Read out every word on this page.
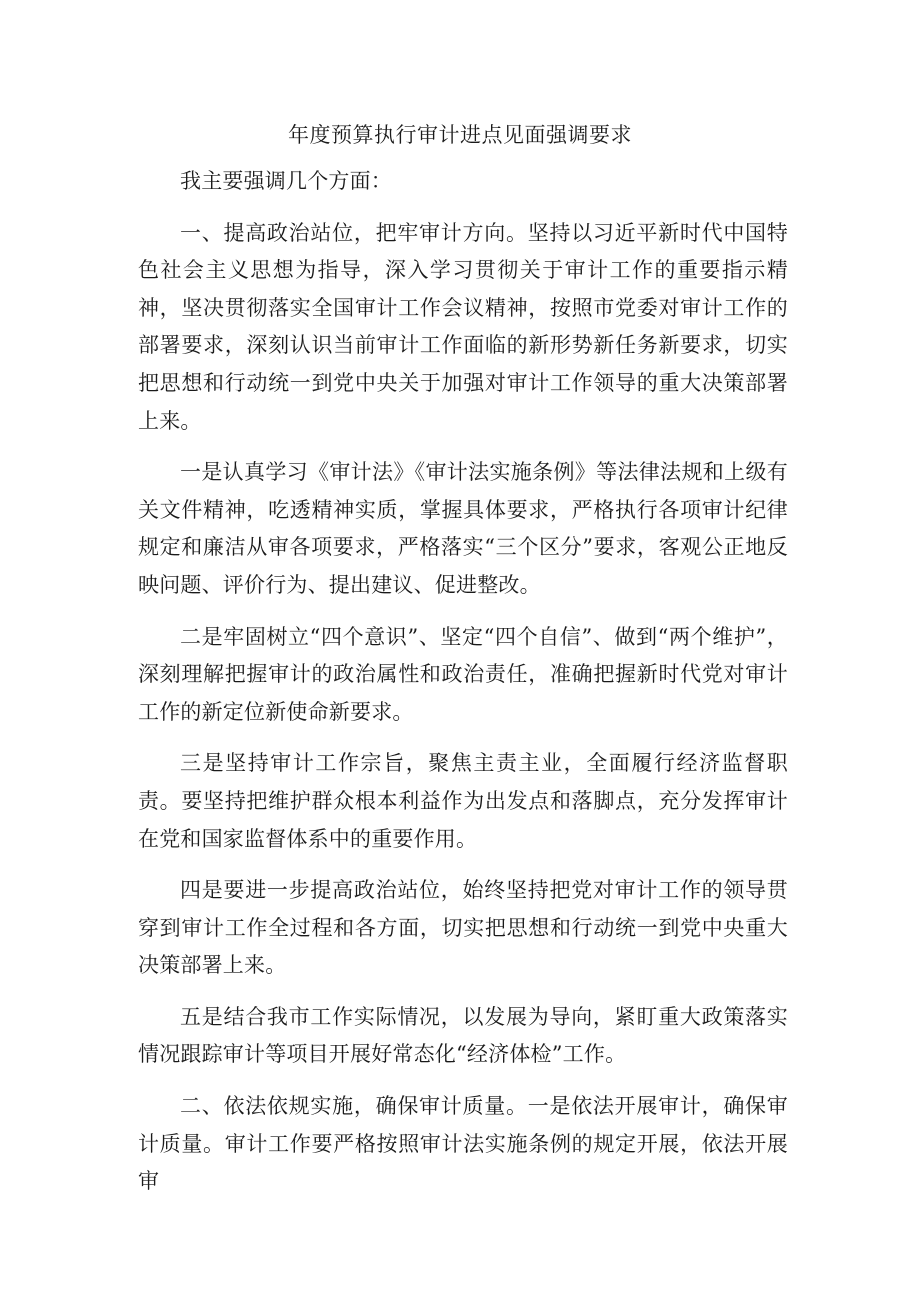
年度预算执行审计进点见面强调要求

我主要强调几个方面：

一、提高政治站位，把牢审计方向。坚持以习近平新时代中国特色社会主义思想为指导，深入学习贯彻关于审计工作的重要指示精神，坚决贯彻落实全国审计工作会议精神，按照市党委对审计工作的部署要求，深刻认识当前审计工作面临的新形势新任务新要求，切实把思想和行动统一到党中央关于加强对审计工作领导的重大决策部署上来。

一是认真学习《审计法》《审计法实施条例》等法律法规和上级有关文件精神，吃透精神实质，掌握具体要求，严格执行各项审计纪律规定和廉洁从审各项要求，严格落实“三个区分”要求，客观公正地反映问题、评价行为、提出建议、促进整改。

二是牢固树立“四个意识”、坚定“四个自信”、做到“两个维护”，深刻理解把握审计的政治属性和政治责任，准确把握新时代党对审计工作的新定位新使命新要求。

三是坚持审计工作宗旨，聚焦主责主业，全面履行经济监督职责。要坚持把维护群众根本利益作为出发点和落脚点，充分发挥审计在党和国家监督体系中的重要作用。

四是要进一步提高政治站位，始终坚持把党对审计工作的领导贯穿到审计工作全过程和各方面，切实把思想和行动统一到党中央重大决策部署上来。

五是结合我市工作实际情况，以发展为导向，紧盯重大政策落实情况跟踪审计等项目开展好常态化“经济体检”工作。

二、依法依规实施，确保审计质量。一是依法开展审计，确保审计质量。审计工作要严格按照审计法实施条例的规定开展，依法开展审
